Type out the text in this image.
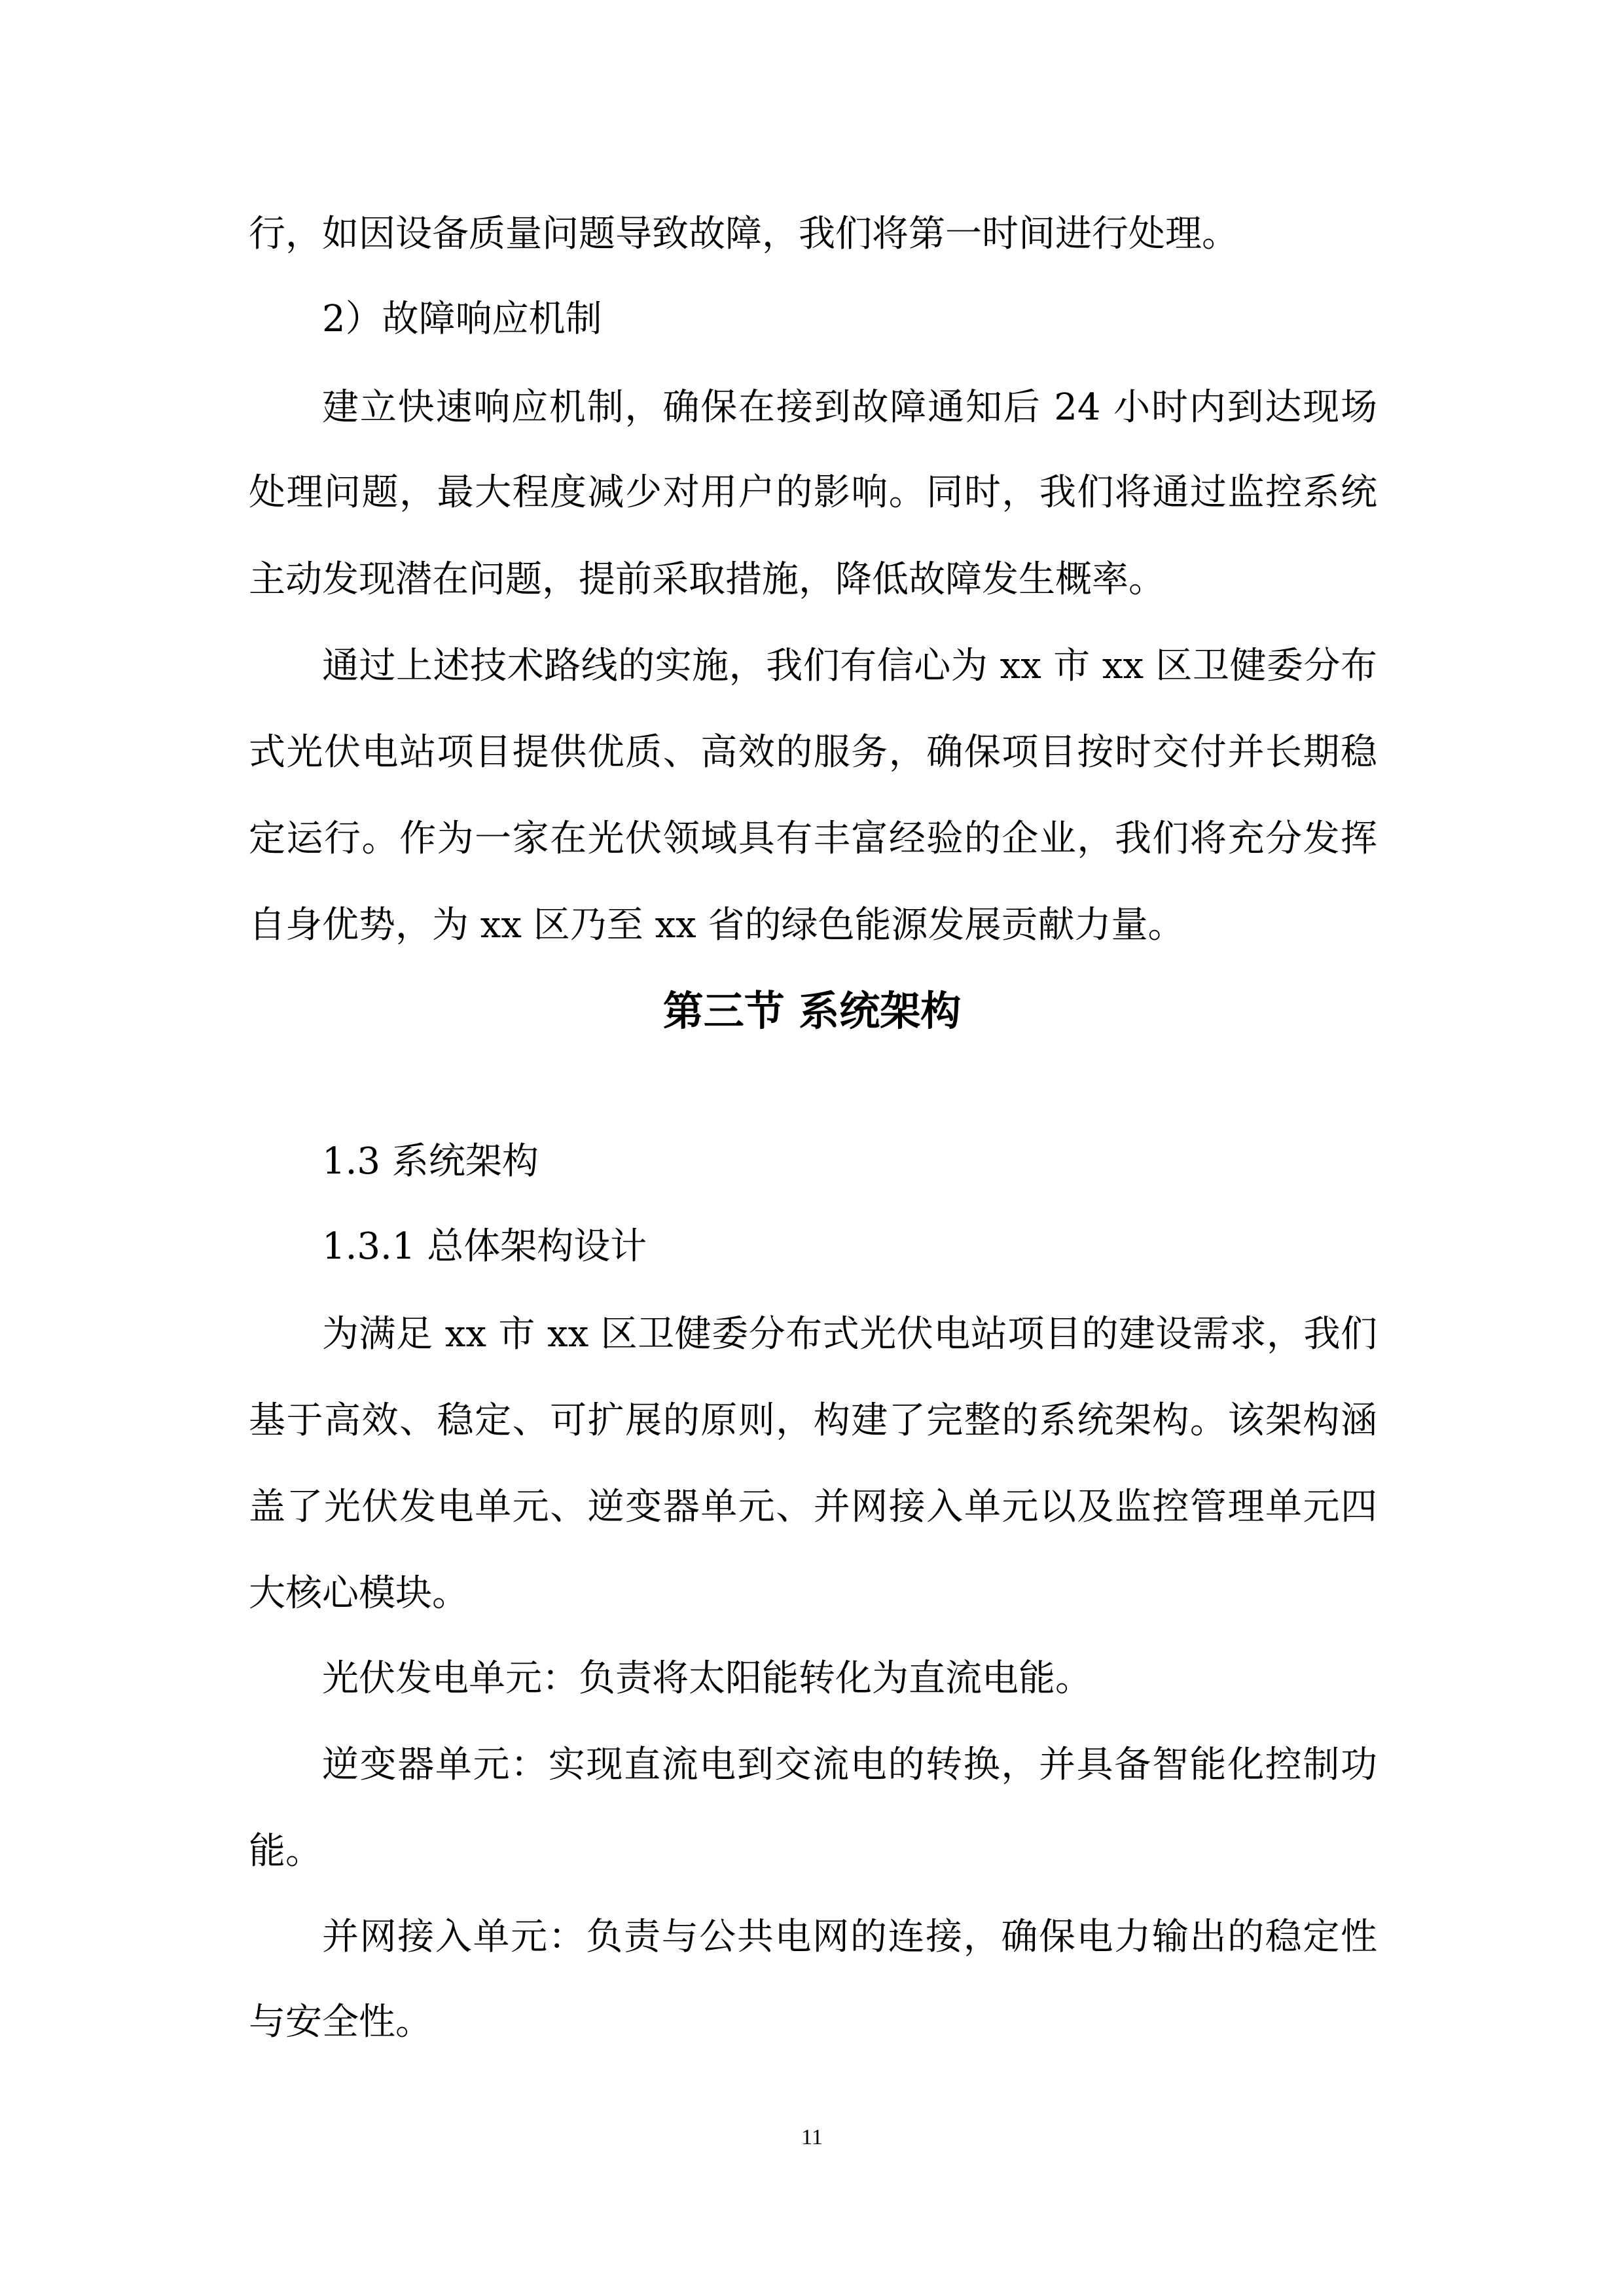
行，如因设备质量问题导致故障，我们将第一时间进行处理。

2）故障响应机制

建立快速响应机制，确保在接到故障通知后 24 小时内到达现场

处理问题，最大程度减少对用户的影响。同时，我们将通过监控系统

主动发现潜在问题，提前采取措施，降低故障发生概率。

通过上述技术路线的实施，我们有信心为 xx 市 xx 区卫健委分布

式光伏电站项目提供优质、高效的服务，确保项目按时交付并长期稳

定运行。作为一家在光伏领域具有丰富经验的企业，我们将充分发挥

自身优势，为 xx 区乃至 xx 省的绿色能源发展贡献力量。

第三节 系统架构

1.3 系统架构

1.3.1 总体架构设计

为满足 xx 市 xx 区卫健委分布式光伏电站项目的建设需求，我们

基于高效、稳定、可扩展的原则，构建了完整的系统架构。该架构涵

盖了光伏发电单元、逆变器单元、并网接入单元以及监控管理单元四

大核心模块。

光伏发电单元：负责将太阳能转化为直流电能。

逆变器单元：实现直流电到交流电的转换，并具备智能化控制功

能。

并网接入单元：负责与公共电网的连接，确保电力输出的稳定性

与安全性。

11
